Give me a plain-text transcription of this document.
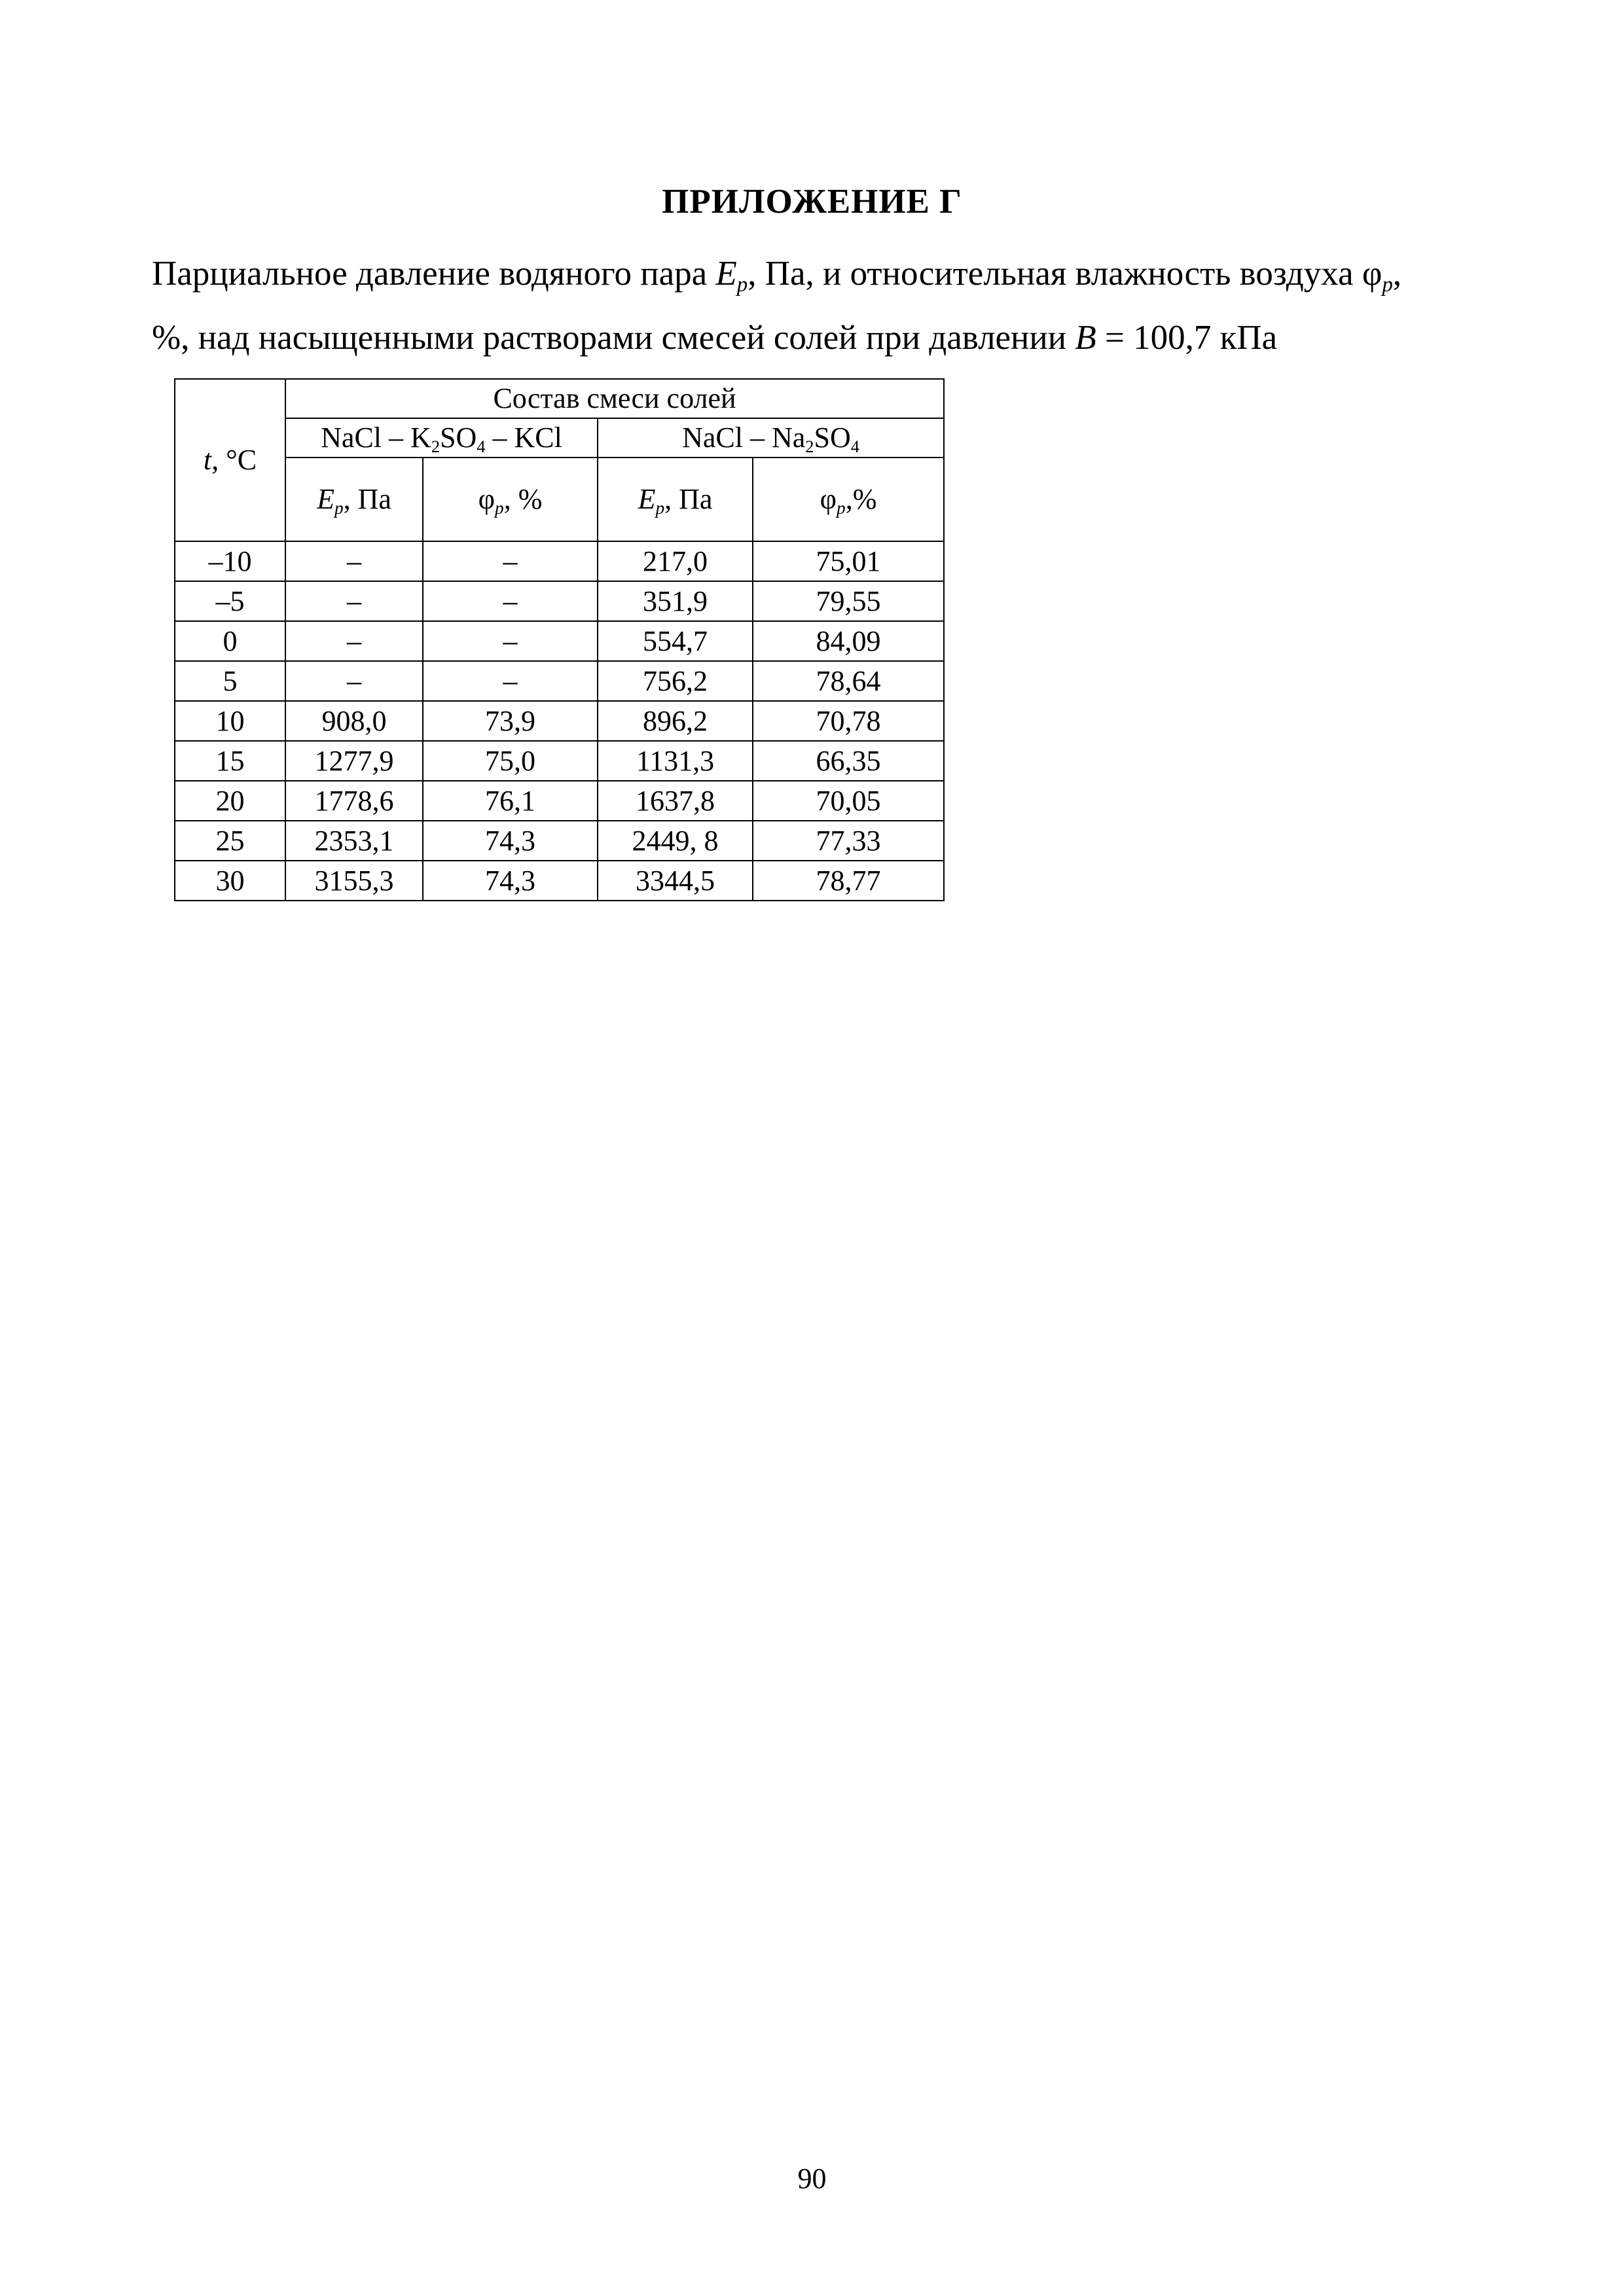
ПРИЛОЖЕНИЕ Г
Парциальное давление водяного пара $E_p$, Па, и относительная влажность воздуха $\varphi_p$,
%, над насыщенными растворами смесей солей при давлении B = 100,7 кПа
t, °C	Состав смеси солей			
	NaCl – $K_2SO_4$ – KCl		NaCl – $Na_2SO_4$
	$E_p$, Па	$\varphi_p$, %	$E_p$, Па	$\varphi_p,\%$
–10	–	–	217,0	75,01
–5	–	–	351,9	79,55
0	–	–	554,7	84,09
5	–	–	756,2	78,64
10	908,0	73,9	896,2	70,78
15	1277,9	75,0	1131,3	66,35
20	1778,6	76,1	1637,8	70,05
25	2353,1	74,3	2449, 8	77,33
30	3155,3	74,3	3344,5	78,77
90
